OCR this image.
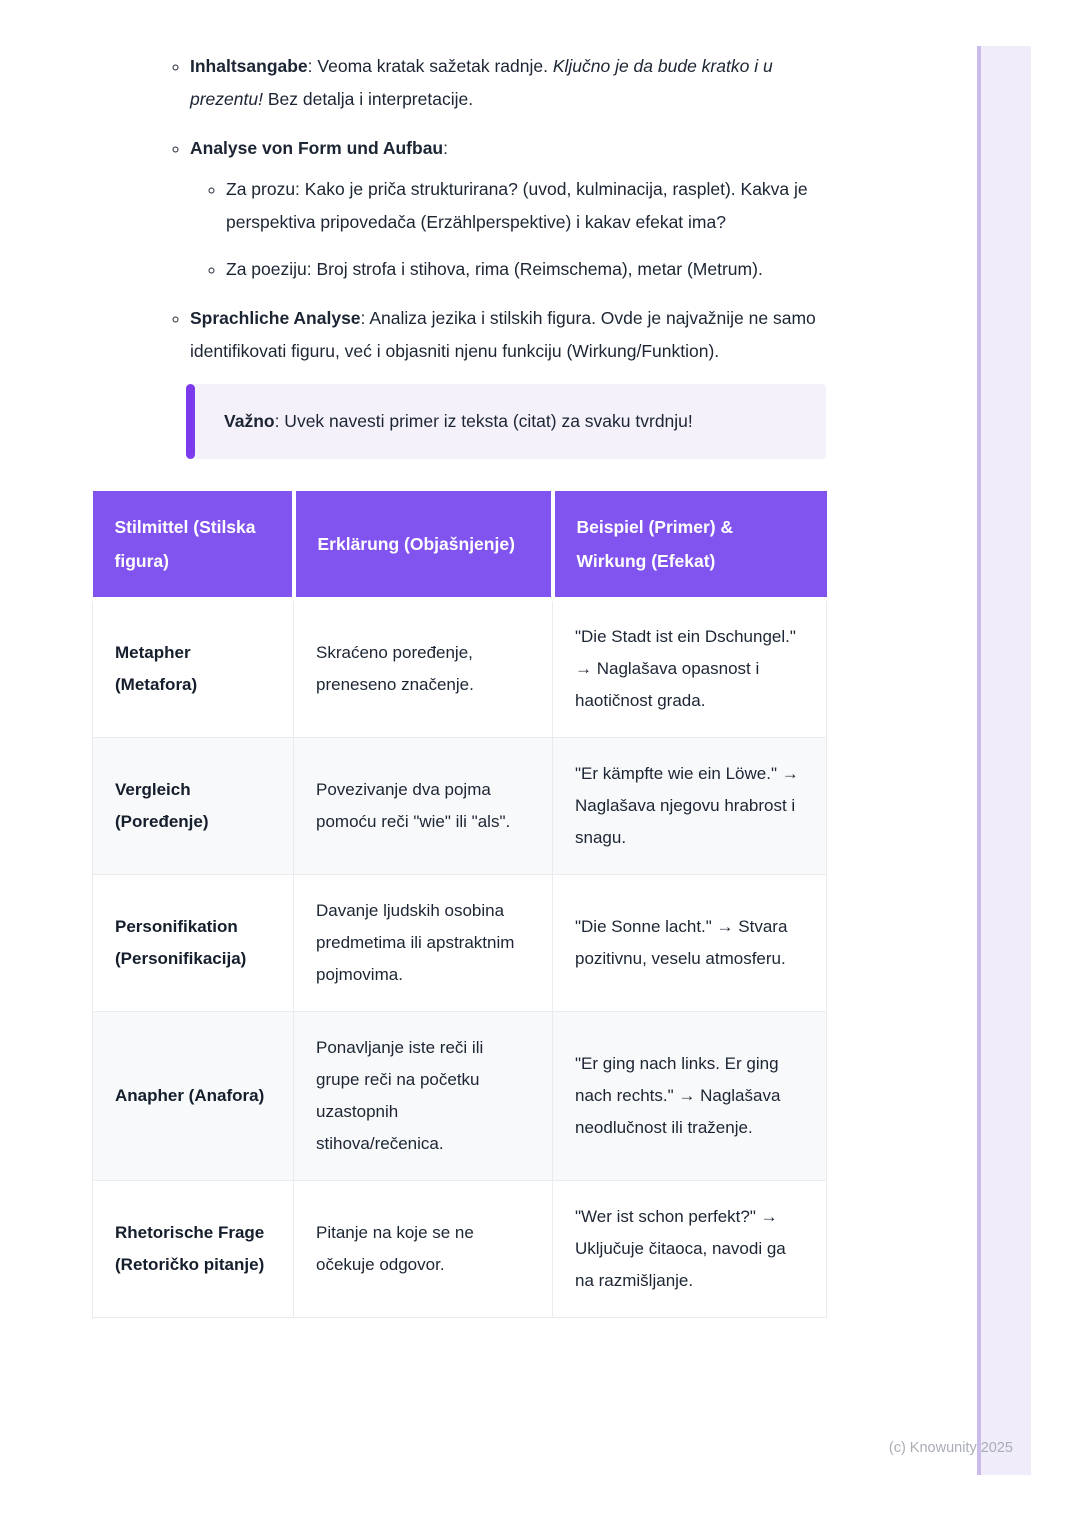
(c) Knowunity 2025
◦ Inhaltsangabe: Veoma kratak sažetak radnje. Ključno je da bude kratko i u prezentu! Bez detalja i interpretacije.
◦ Analyse von Form und Aufbau:
◦ Za prozu: Kako je priča strukturirana? (uvod, kulminacija, rasplet). Kakva je perspektiva pripovedača (Erzählperspektive) i kakav efekat ima?
◦ Za poeziju: Broj strofa i stihova, rima (Reimschema), metar (Metrum).
◦ Sprachliche Analyse: Analiza jezika i stilskih figura. Ovde je najvažnije ne samo identifikovati figuru, već i objasniti njenu funkciju (Wirkung/Funktion).
Važno: Uvek navesti primer iz teksta (citat) za svaku tvrdnju!
Stilmittel (Stilska figura)	Erklärung (Objašnjenje)	Beispiel (Primer) & Wirkung (Efekat)
Metapher (Metafora)	Skraćeno poređenje, preneseno značenje.	"Die Stadt ist ein Dschungel." → Naglašava opasnost i haotičnost grada.
Vergleich (Poređenje)	Povezivanje dva pojma pomoću reči "wie" ili "als".	"Er kämpfte wie ein Löwe." → Naglašava njegovu hrabrost i snagu.
Personifikation (Personifikacija)	Davanje ljudskih osobina predmetima ili apstraktnim pojmovima.	"Die Sonne lacht." → Stvara pozitivnu, veselu atmosferu.
Anapher (Anafora)	Ponavljanje iste reči ili grupe reči na početku uzastopnih stihova/rečenica.	"Er ging nach links. Er ging nach rechts." → Naglašava neodlučnost ili traženje.
Rhetorische Frage (Retoričko pitanje)	Pitanje na koje se ne očekuje odgovor.	"Wer ist schon perfekt?" → Uključuje čitaoca, navodi ga na razmišljanje.
